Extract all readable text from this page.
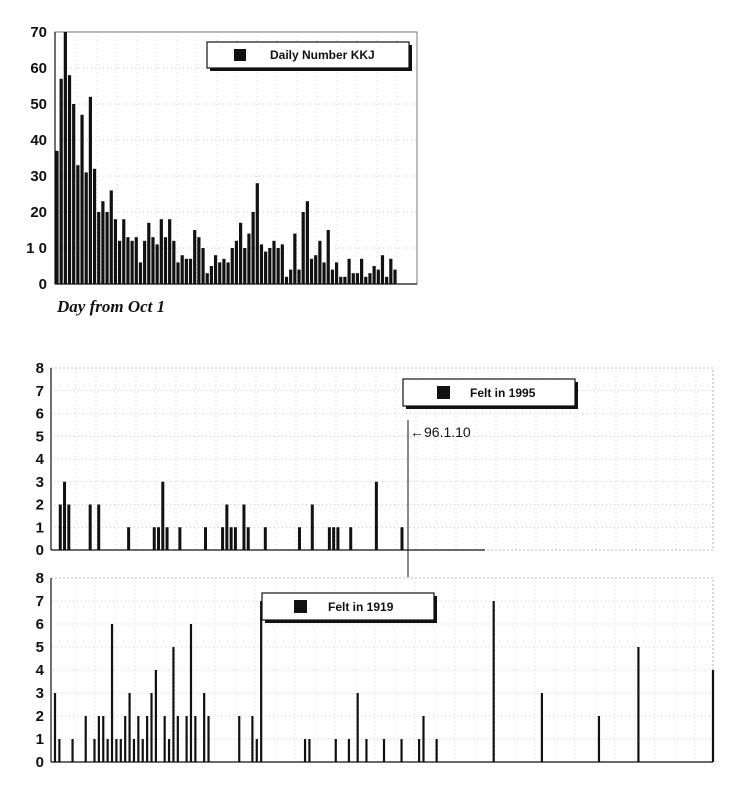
70
60
50
40
30
20
1 0
0
Daily Number KKJ
Day from Oct 1
8
7
6
5
4
3
2
1
0
←96.1.10
Felt in 1995
8
7
6
5
4
3
2
1
0
Felt in 1919
